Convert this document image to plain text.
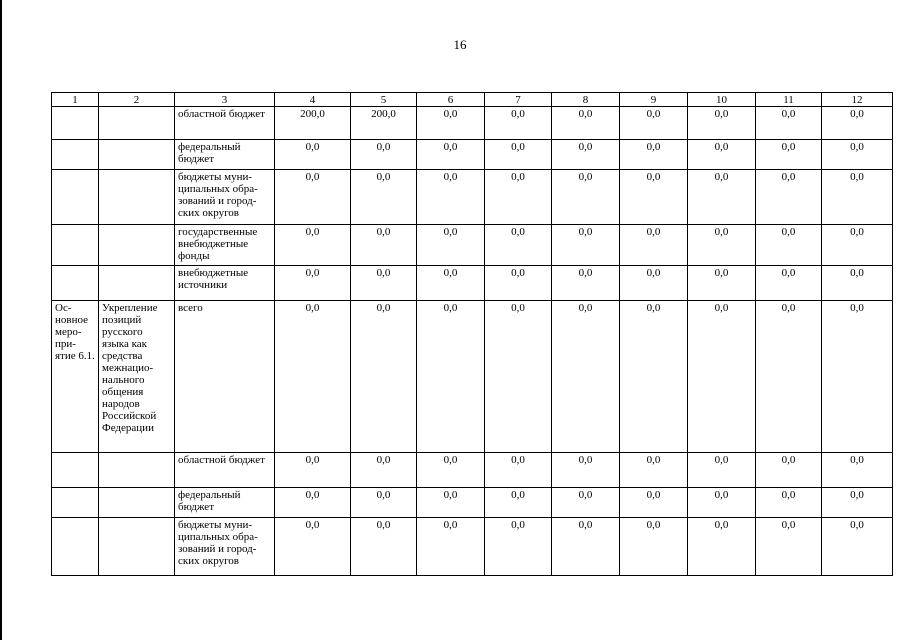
16
1	2	3	4	5	6	7	8	9	10	11	12
		областной бюджет	200,0	200,0	0,0	0,0	0,0	0,0	0,0	0,0	0,0
		федеральный бюджет	0,0	0,0	0,0	0,0	0,0	0,0	0,0	0,0	0,0
		бюджеты муни-ципальных обра-зований и город-ских округов	0,0	0,0	0,0	0,0	0,0	0,0	0,0	0,0	0,0
		государственные внебюджетные фонды	0,0	0,0	0,0	0,0	0,0	0,0	0,0	0,0	0,0
		внебюджетные источники	0,0	0,0	0,0	0,0	0,0	0,0	0,0	0,0	0,0
Ос-новное меро-при-ятие 6.1.	Укрепление позиций русского языка как средства межнацио-нального общения народов Российской Федерации	всего	0,0	0,0	0,0	0,0	0,0	0,0	0,0	0,0	0,0
		областной бюджет	0,0	0,0	0,0	0,0	0,0	0,0	0,0	0,0	0,0
		федеральный бюджет	0,0	0,0	0,0	0,0	0,0	0,0	0,0	0,0	0,0
		бюджеты муни-ципальных обра-зований и город-ских округов	0,0	0,0	0,0	0,0	0,0	0,0	0,0	0,0	0,0
